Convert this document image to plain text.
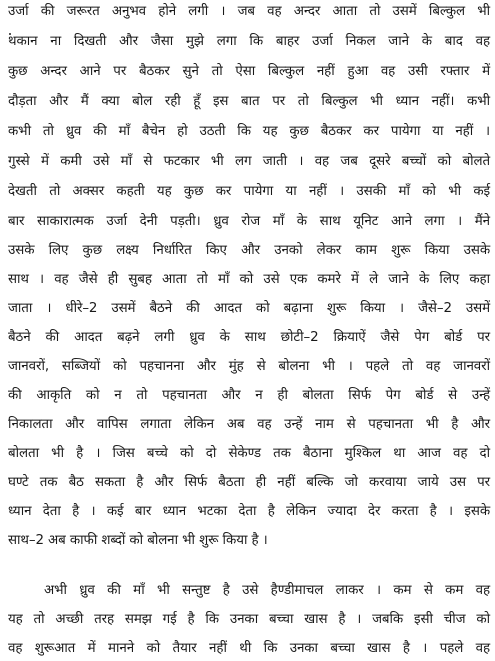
उर्जा की जरूरत अनुभव होने लगी । जब वह अन्दर आता तो उसमें बिल्कुल भी
थकान ना दिखती और जैसा मुझे लगा कि बाहर उर्जा निकल जाने के बाद वह
कुछ अन्दर आने पर बैठकर सुने तो ऐसा बिल्कुल नहीं हुआ वह उसी रफ्तार में
दौड़ता और मैं क्या बोल रही हूँ इस बात पर तो बिल्कुल भी ध्यान नहीं। कभी
कभी तो ध्रुव की माँ बैचेन हो उठती कि यह कुछ बैठकर कर पायेगा या नहीं ।
गुस्से में कमी उसे माँ से फटकार भी लग जाती । वह जब दूसरे बच्चों को बोलते
देखती तो अक्सर कहती यह कुछ कर पायेगा या नहीं । उसकी माँ को भी कई
बार साकारात्मक उर्जा देनी पड़ती। ध्रुव रोज माँ के साथ यूनिट आने लगा । मैंने
उसके लिए कुछ लक्ष्य निर्धारित किए और उनको लेकर काम शुरू किया उसके
साथ । वह जैसे ही सुबह आता तो माँ को उसे एक कमरे में ले जाने के लिए कहा
जाता । धीरे–2 उसमें बैठने की आदत को बढ़ाना शुरू किया । जैसे–2 उसमें
बैठने की आदत बढ़ने लगी ध्रुव के साथ छोटी–2 क्रियाऐं जैसे पेग बोर्ड पर
जानवरों, सब्जियों को पहचानना और मुंह से बोलना भी । पहले तो वह जानवरों
की आकृति को न तो पहचानता और न ही बोलता सिर्फ पेग बोर्ड से उन्हें
निकालता और वापिस लगाता लेकिन अब वह उन्हें नाम से पहचानता भी है और
बोलता भी है । जिस बच्चे को दो सेकेण्ड तक बैठाना मुश्किल था आज वह दो
घण्टे तक बैठ सकता है और सिर्फ बैठता ही नहीं बल्कि जो करवाया जाये उस पर
ध्यान देता है । कई बार ध्यान भटका देता है लेकिन ज्यादा देर करता है । इसके
साथ–2 अब काफी शब्दों को बोलना भी शुरू किया है ।
अभी ध्रुव की माँ भी सन्तुष्ट है उसे हैण्डीमाचल लाकर । कम से कम वह
यह तो अच्छी तरह समझ गई है कि उनका बच्चा खास है । जबकि इसी चीज को
वह शुरूआत में मानने को तैयार नहीं थी कि उनका बच्चा खास है । पहले वह
